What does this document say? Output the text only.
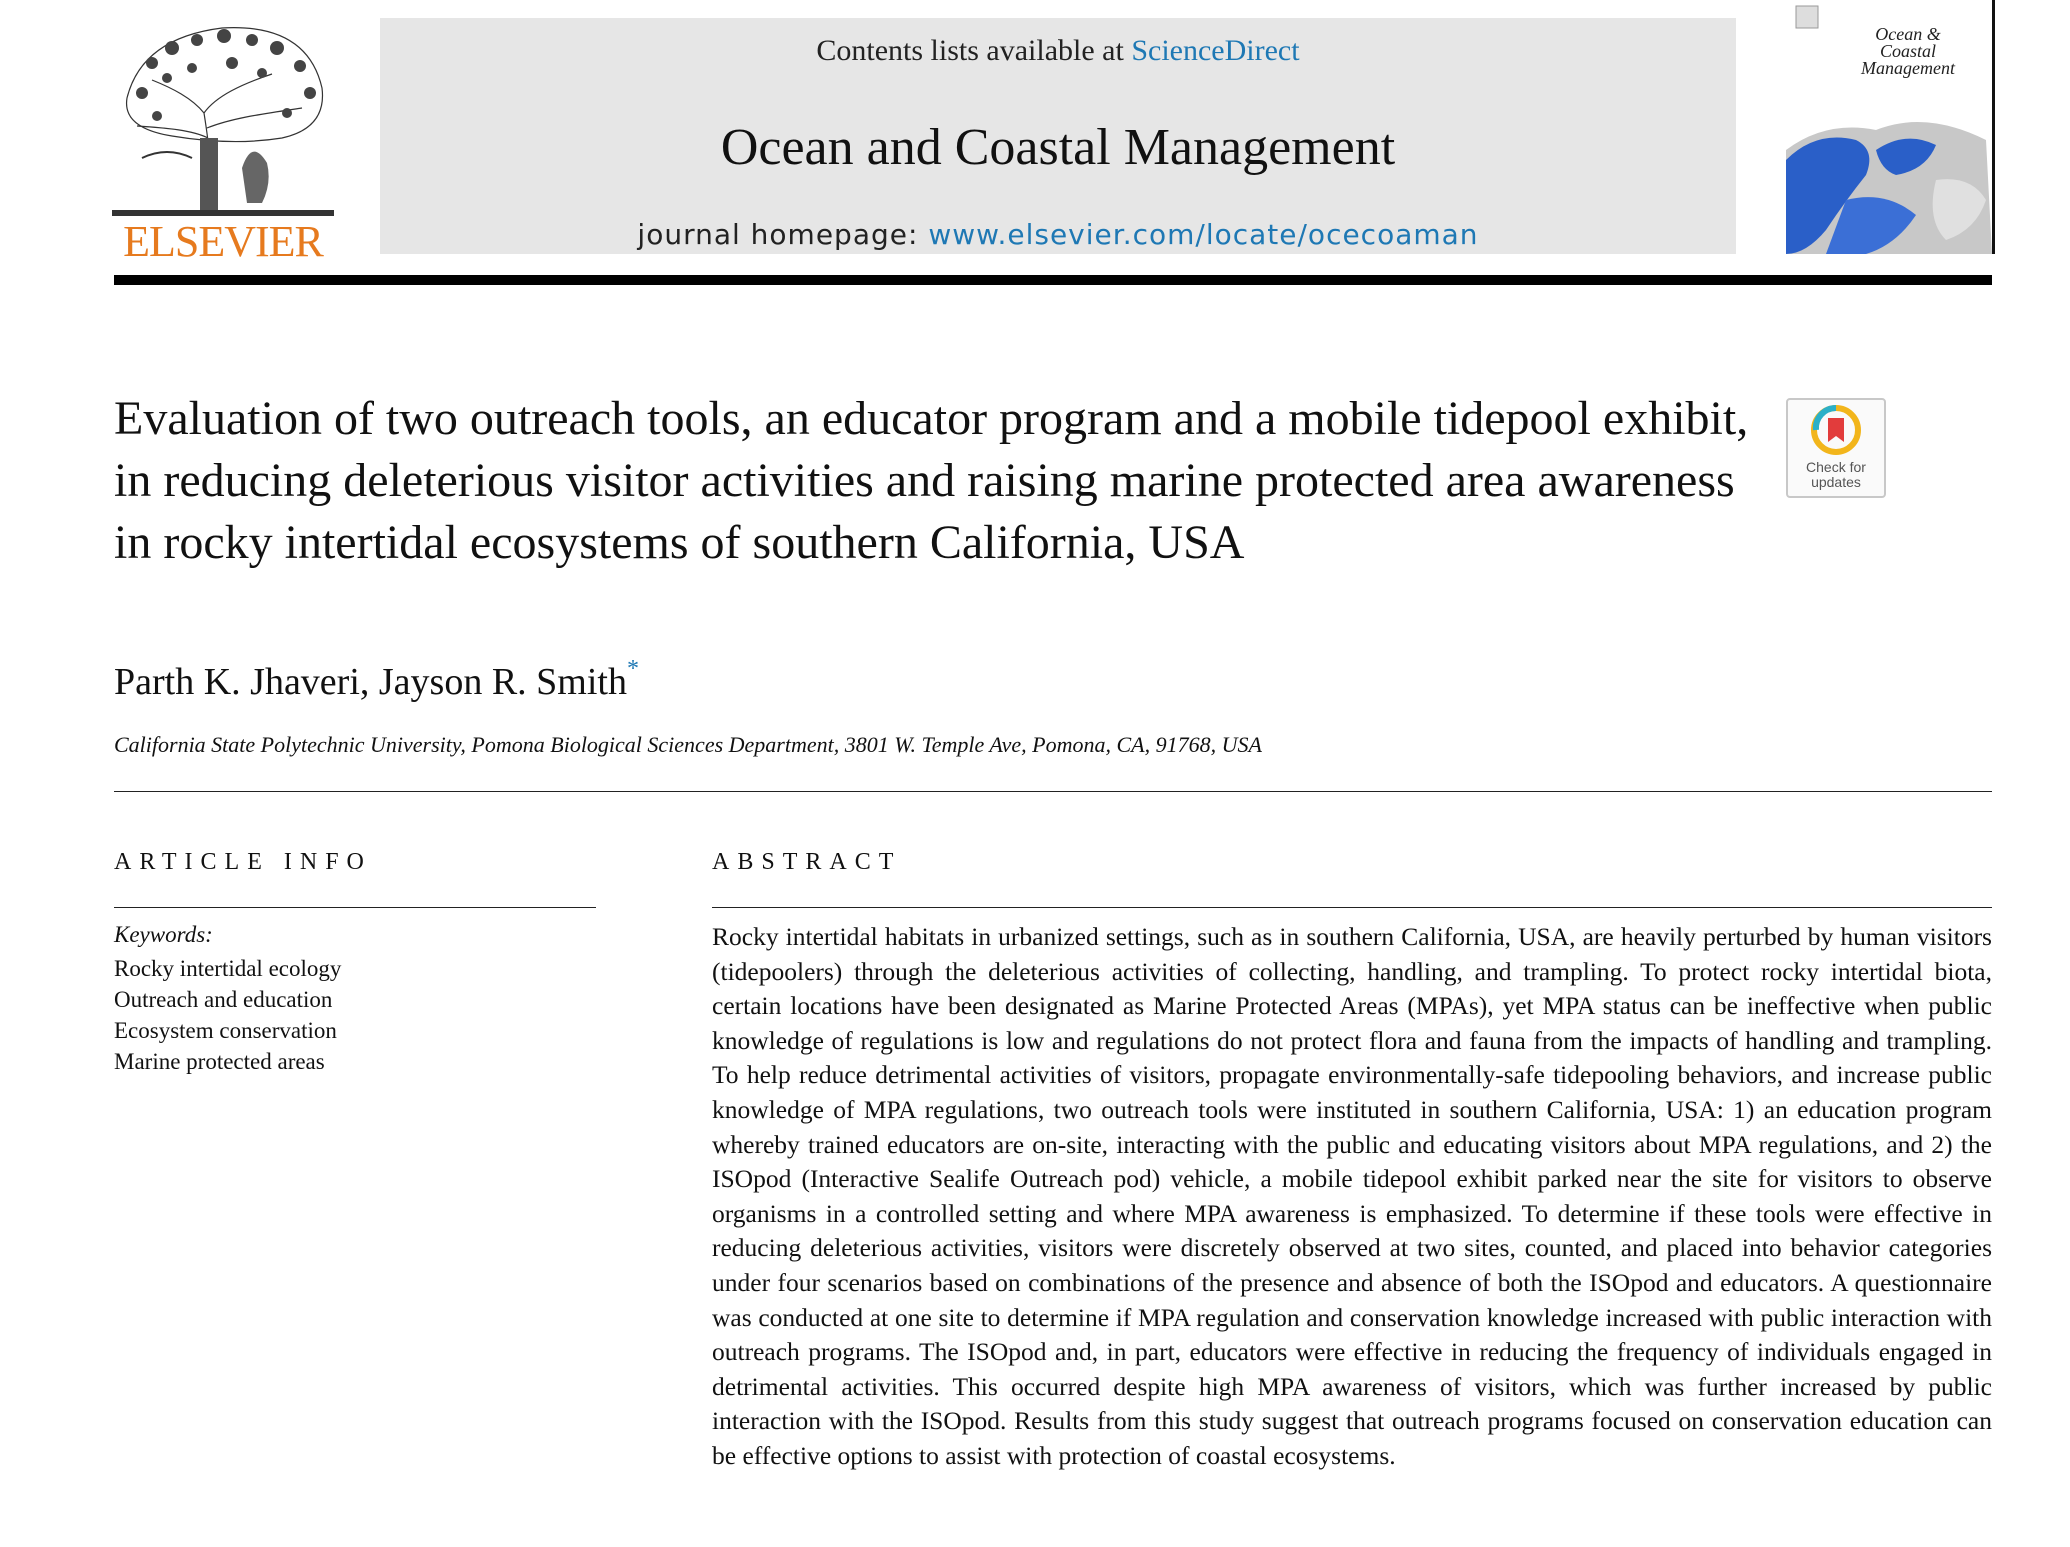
ELSEVIER
Contents lists available at ScienceDirect
Ocean and Coastal Management
journal homepage: www.elsevier.com/locate/ocecoaman
Ocean &
Coastal
Management
Evaluation of two outreach tools, an educator program and a mobile tidepool exhibit, in reducing deleterious visitor activities and raising marine protected area awareness in rocky intertidal ecosystems of southern California, USA
Check for updates
Parth K. Jhaveri, Jayson R. Smith*
California State Polytechnic University, Pomona Biological Sciences Department, 3801 W. Temple Ave, Pomona, CA, 91768, USA
ARTICLE INFO
Keywords:
Rocky intertidal ecology
Outreach and education
Ecosystem conservation
Marine protected areas
ABSTRACT

Rocky intertidal habitats in urbanized settings, such as in southern California, USA, are heavily perturbed by human visitors (tidepoolers) through the deleterious activities of collecting, handling, and trampling. To protect rocky intertidal biota, certain locations have been designated as Marine Protected Areas (MPAs), yet MPA status can be ineffective when public knowledge of regulations is low and regulations do not protect flora and fauna from the impacts of handling and trampling. To help reduce detrimental activities of visitors, propagate environmentally-safe tidepooling behaviors, and increase public knowledge of MPA regulations, two outreach tools were instituted in southern California, USA: 1) an education program whereby trained educators are on-site, interacting with the public and educating visitors about MPA regulations, and 2) the ISOpod (Interactive Sealife Outreach pod) vehicle, a mobile tidepool exhibit parked near the site for visitors to observe organisms in a controlled setting and where MPA awareness is emphasized. To determine if these tools were effective in reducing deleterious activities, visitors were discretely observed at two sites, counted, and placed into behavior categories under four scenarios based on combinations of the presence and absence of both the ISOpod and educators. A questionnaire was conducted at one site to determine if MPA regulation and conservation knowledge increased with public interaction with outreach programs. The ISOpod and, in part, educators were effective in reducing the frequency of individuals engaged in detrimental activities. This occurred despite high MPA awareness of visitors, which was further increased by public interaction with the ISOpod. Results from this study suggest that outreach programs focused on conservation education can be effective options to assist with protection of coastal ecosystems.
